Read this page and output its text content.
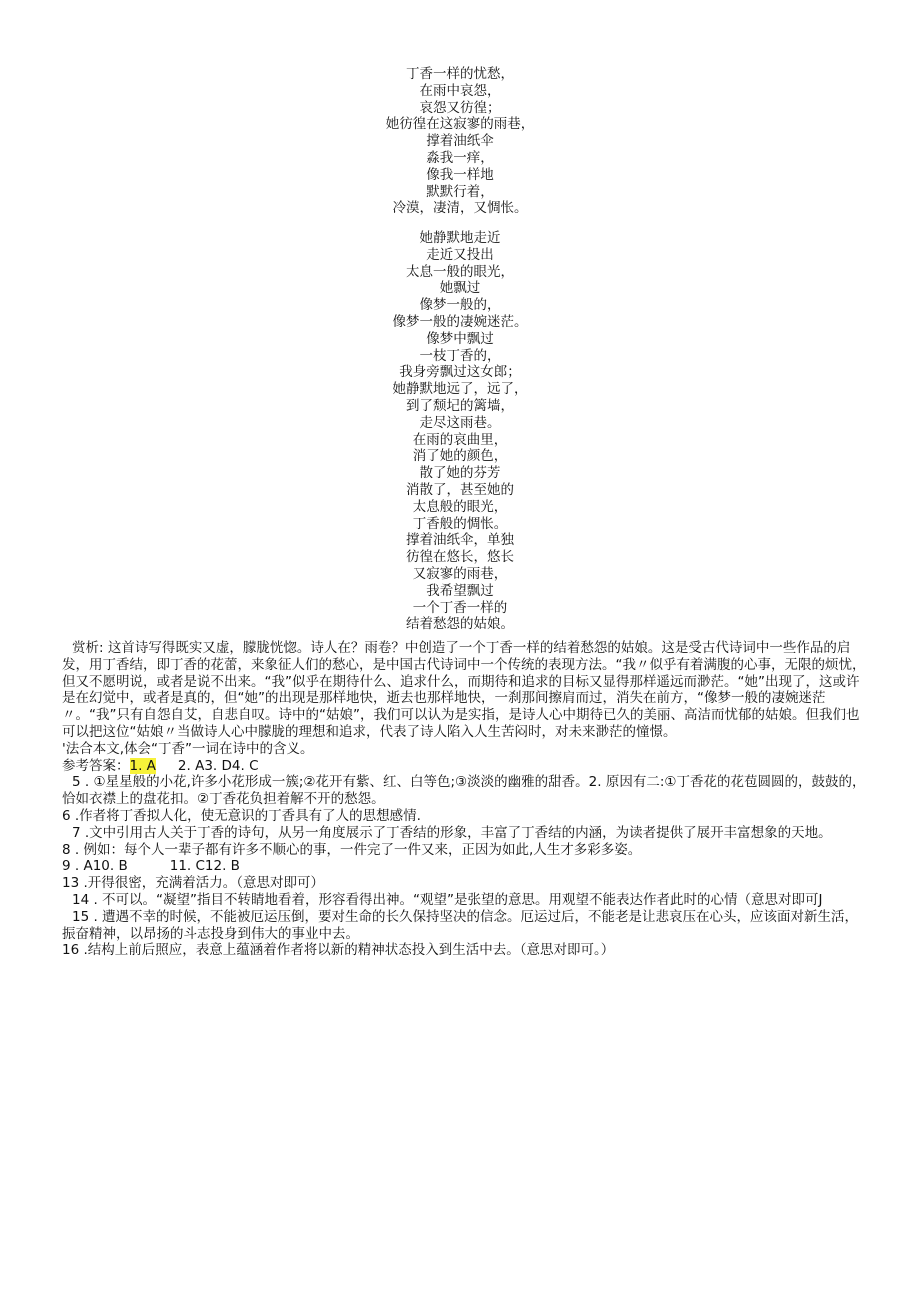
丁香一样的忧愁，
在雨中哀怨，
哀怨又彷徨；
她彷徨在这寂寥的雨巷，
撑着油纸伞
淼我一痒，
像我一样地
默默行着，
冷漠，凄清，又惆怅。
她静默地走近
走近又投出
太息一般的眼光，
她飘过
像梦一般的，
像梦一般的凄婉迷茫。
像梦中飘过
一枝丁香的，
我身旁飘过这女郎；
她静默地远了，远了，
到了颓圮的篱墙，
走尽这雨巷。
在雨的哀曲里，
消了她的颜色，
散了她的芬芳
消散了，甚至她的
太息般的眼光，
丁香般的惆怅。
撑着油纸伞，单独
彷徨在悠长，悠长
又寂寥的雨巷，
我希望飘过
一个丁香一样的
结着愁怨的姑娘。

赏析: 这首诗写得既实又虚，朦胧恍惚。诗人在？雨卷？中创造了一个丁香一样的结着愁怨的姑娘。这是受古代诗词中一些作品的启发，用丁香结，即丁香的花蕾，来象征人们的愁心，是中国古代诗词中一个传统的表现方法。“我〃似乎有着满腹的心事，无限的烦忧，但又不愿明说，或者是说不出来。“我”似乎在期待什么、追求什么，而期待和追求的目标又显得那样遥远而渺茫。“她”出现了，这或许是在幻觉中，或者是真的，但“她”的出现是那样地快，逝去也那样地快，一刹那间擦肩而过，消失在前方，“像梦一般的凄婉迷茫〃。“我”只有自怨自艾，自悲自叹。诗中的“姑娘”，我们可以认为是实指，是诗人心中期待已久的美丽、高洁而忧郁的姑娘。但我们也可以把这位“姑娘〃当做诗人心中朦胧的理想和追求，代表了诗人陷入人生苦闷时，对未来渺茫的憧憬。

'法合本文,体会“丁香”一词在诗中的含义。

参考答案：1. A 2. A3. D4. C

5 . ①星星般的小花,许多小花形成一簇;②花开有紫、红、白等色;③淡淡的幽雅的甜香。2. 原因有二:①丁香花的花苞圆圆的，鼓鼓的，恰如衣襟上的盘花扣。②丁香花负担着解不开的愁怨。

6 .作者将丁香拟人化，使无意识的丁香具有了人的思想感情.

7 .文中引用古人关于丁香的诗句，从另一角度展示了丁香结的形象，丰富了丁香结的内涵，为读者提供了展开丰富想象的天地。

8 . 例如：每个人一辈子都有许多不顺心的事，一件完了一件又来，正因为如此,人生才多彩多姿。

9 . A10. B	11. C12. B

13 .开得很密，充满着活力。（意思对即可）

14 . 不可以。“凝望”指目不转睛地看着，形容看得出神。“观望”是张望的意思。用观望不能表达作者此时的心情（意思对即可J

15 . 遭遇不幸的时候，不能被厄运压倒，要对生命的长久保持坚决的信念。厄运过后，不能老是让悲哀压在心头，应该面对新生活，振奋精神，以昂扬的斗志投身到伟大的事业中去。

16 .结构上前后照应，表意上蕴涵着作者将以新的精神状态投入到生活中去。（意思对即可。）
